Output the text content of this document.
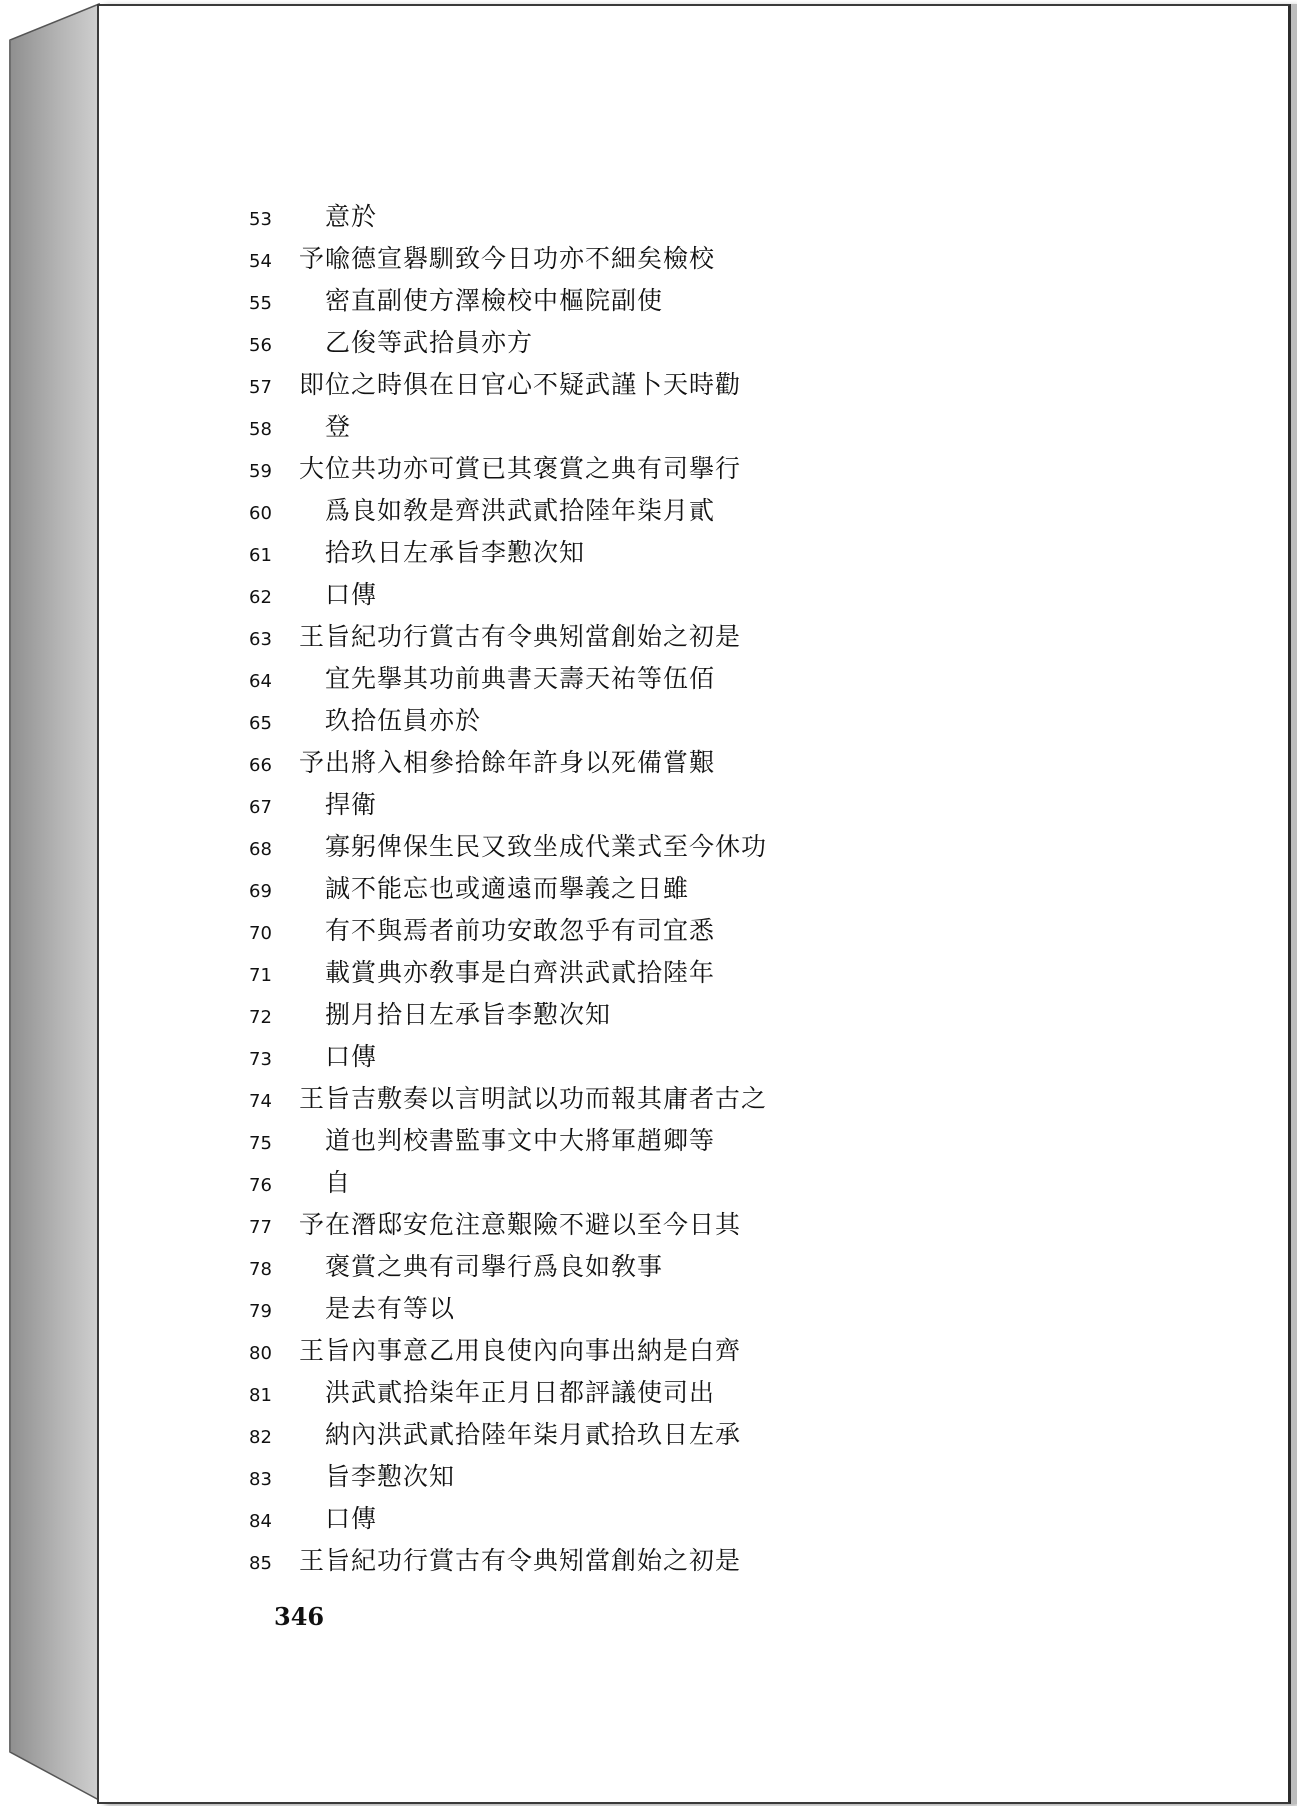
53	意於
54	予喩德宣礜馴致今日功亦不細矣檢校
55	密直副使方澤檢校中樞院副使
56	乙俊等武拾員亦方
57	即位之時俱在日官心不疑武謹卜天時勸
58	登
59	大位共功亦可賞已其褒賞之典有司擧行
60	爲良如敎是齊洪武貳拾陸年柒月貳
61	拾玖日左承旨李懃次知
62	口傳
63	王旨紀功行賞古有令典矧當創始之初是
64	宜先擧其功前典書天壽天祐等伍佰
65	玖拾伍員亦於
66	予出將入相參拾餘年許身以死備嘗艱
67	捍衛
68	寡躬俾保生民又致坐成代業式至今休功
69	誠不能忘也或適遠而擧義之日雖
70	有不與焉者前功安敢忽乎有司宜悉
71	載賞典亦敎事是白齊洪武貳拾陸年
72	捌月拾日左承旨李懃次知
73	口傳
74	王旨吉敷奏以言明試以功而報其庸者古之
75	道也判校書監事文中大將軍趙卿等
76	自
77	予在潛邸安危注意艱險不避以至今日其
78	褒賞之典有司擧行爲良如敎事
79	是去有等以
80	王旨內事意乙用良使內向事出納是白齊
81	洪武貳拾柒年正月日都評議使司出
82	納內洪武貳拾陸年柒月貳拾玖日左承
83	旨李懃次知
84	口傳
85	王旨紀功行賞古有令典矧當創始之初是
346
